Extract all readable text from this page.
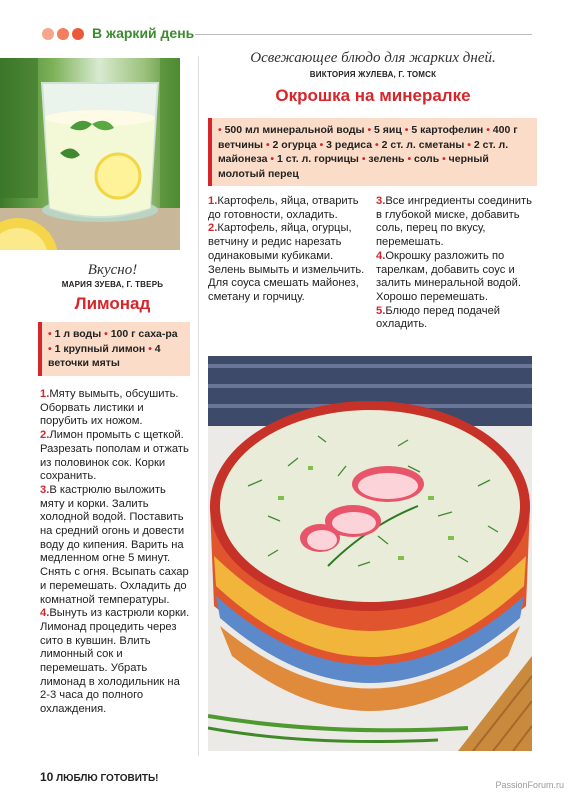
В жаркий день
Вкусно!
МАРИЯ ЗУЕВА, Г. ТВЕРЬ
Лимонад
• 1 л воды • 100 г саха-ра • 1 крупный лимон • 4 веточки мяты

1.Мяту вымыть, обсушить. Оборвать листики и порубить их ножом.

2.Лимон промыть с щеткой. Разрезать пополам и отжать из половинок сок. Корки сохранить.

3.В кастрюлю выложить мяту и корки. Залить холодной водой. Поставить на средний огонь и довести воду до кипения. Варить на медленном огне 5 минут. Снять с огня. Всыпать сахар и перемешать. Охладить до комнатной температуры.

4.Вынуть из кастрюли корки. Лимонад процедить через сито в кувшин. Влить лимонный сок и перемешать. Убрать лимонад в холодильник на 2-3 часа до полного охлаждения.

Освежающее блюдо для жарких дней.
ВИКТОРИЯ ЖУЛЕВА, Г. ТОМСК
Окрошка на минералке
• 500 мл минеральной воды • 5 яиц • 5 картофелин • 400 г ветчины • 2 огурца • 3 редиса • 2 ст. л. сметаны • 2 ст. л. майонеза • 1 ст. л. горчицы • зелень • соль • черный молотый перец

1.Картофель, яйца, отварить до готовности, охладить.

2.Картофель, яйца, огурцы, ветчину и редис нарезать одинаковыми кубиками. Зелень вымыть и измельчить. Для соуса смешать майонез, сметану и горчицу.

3.Все ингредиенты соединить в глубокой миске, добавить соль, перец по вкусу, перемешать.

4.Окрошку разложить по тарелкам, добавить соус и залить минеральной водой. Хорошо перемешать.

5.Блюдо перед подачей охладить.

10 ЛЮБЛЮ ГОТОВИТЬ!
PassionForum.ru
